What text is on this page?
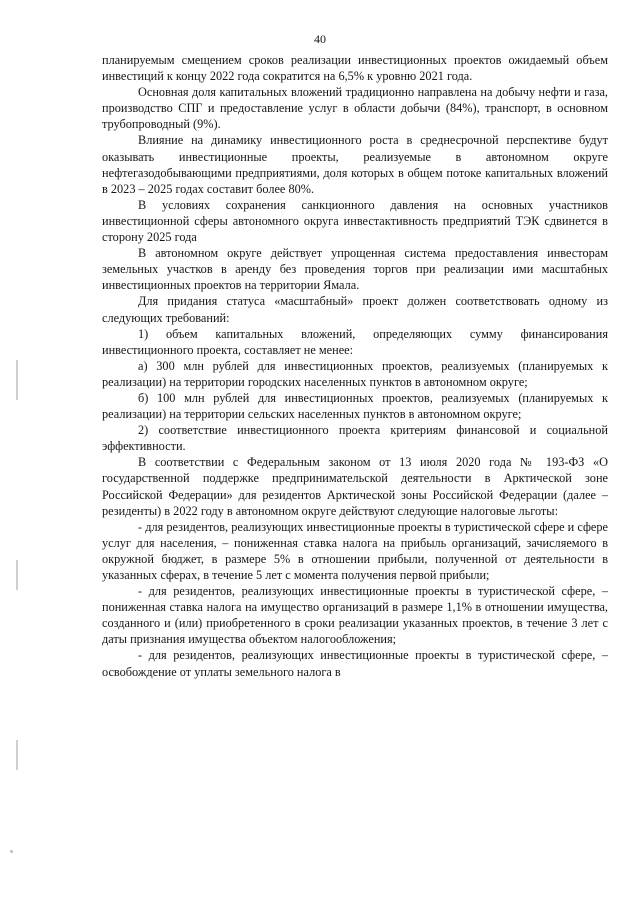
40

планируемым смещением сроков реализации инвестиционных проектов ожидаемый объем инвестиций к концу 2022 года сократится на 6,5% к уровню 2021 года.

Основная доля капитальных вложений традиционно направлена на добычу нефти и газа, производство СПГ и предоставление услуг в области добычи (84%), транспорт, в основном трубопроводный (9%).

Влияние на динамику инвестиционного роста в среднесрочной перспективе будут оказывать инвестиционные проекты, реализуемые в автономном округе нефтегазодобывающими предприятиями, доля которых в общем потоке капитальных вложений в 2023 – 2025 годах составит более 80%.

В условиях сохранения санкционного давления на основных участников инвестиционной сферы автономного округа инвестактивность предприятий ТЭК сдвинется в сторону 2025 года

В автономном округе действует упрощенная система предоставления инвесторам земельных участков в аренду без проведения торгов при реализации ими масштабных инвестиционных проектов на территории Ямала.

Для придания статуса «масштабный» проект должен соответствовать одному из следующих требований:

1) объем капитальных вложений, определяющих сумму финансирования инвестиционного проекта, составляет не менее:

а) 300 млн рублей для инвестиционных проектов, реализуемых (планируемых к реализации) на территории городских населенных пунктов в автономном округе;

б) 100 млн рублей для инвестиционных проектов, реализуемых (планируемых к реализации) на территории сельских населенных пунктов в автономном округе;

2) соответствие инвестиционного проекта критериям финансовой и социальной эффективности.

В соответствии с Федеральным законом от 13 июля 2020 года № 193-ФЗ «О государственной поддержке предпринимательской деятельности в Арктической зоне Российской Федерации» для резидентов Арктической зоны Российской Федерации (далее – резиденты) в 2022 году в автономном округе действуют следующие налоговые льготы:

- для резидентов, реализующих инвестиционные проекты в туристической сфере и сфере услуг для населения, – пониженная ставка налога на прибыль организаций, зачисляемого в окружной бюджет, в размере 5% в отношении прибыли, полученной от деятельности в указанных сферах, в течение 5 лет с момента получения первой прибыли;

- для резидентов, реализующих инвестиционные проекты в туристической сфере, – пониженная ставка налога на имущество организаций в размере 1,1% в отношении имущества, созданного и (или) приобретенного в сроки реализации указанных проектов, в течение 3 лет с даты признания имущества объектом налогообложения;

- для резидентов, реализующих инвестиционные проекты в туристической сфере, – освобождение от уплаты земельного налога в
